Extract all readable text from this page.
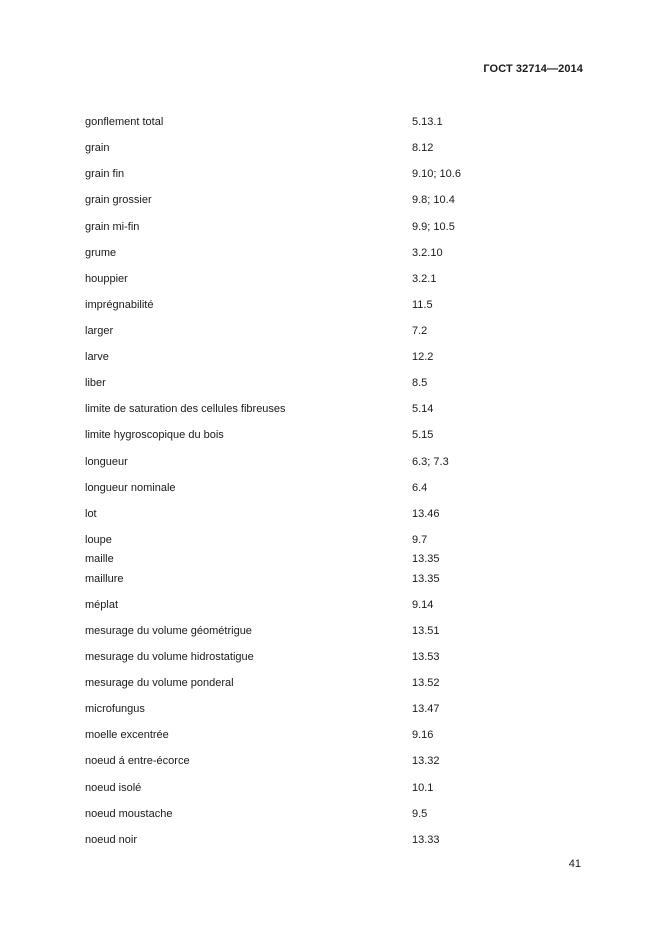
ГОСТ 32714—2014
gonflement total	5.13.1
grain	8.12
grain fin	9.10; 10.6
grain grossier	9.8; 10.4
grain mi-fin	9.9; 10.5
grume	3.2.10
houppier	3.2.1
imprégnabilité	11.5
larger	7.2
larve	12.2
liber	8.5
limite de saturation des cellules fibreuses	5.14
limite hygroscopique du bois	5.15
longueur	6.3; 7.3
longueur nominale	6.4
lot	13.46
loupe	9.7
maille	13.35
maillure	13.35
méplat	9.14
mesurage du volume géométrigue	13.51
mesurage du volume hidrostatigue	13.53
mesurage du volume ponderal	13.52
microfungus	13.47
moelle excentrée	9.16
noeud á entre-écorce	13.32
noeud isolé	10.1
noeud moustache	9.5
noeud noir	13.33
41
